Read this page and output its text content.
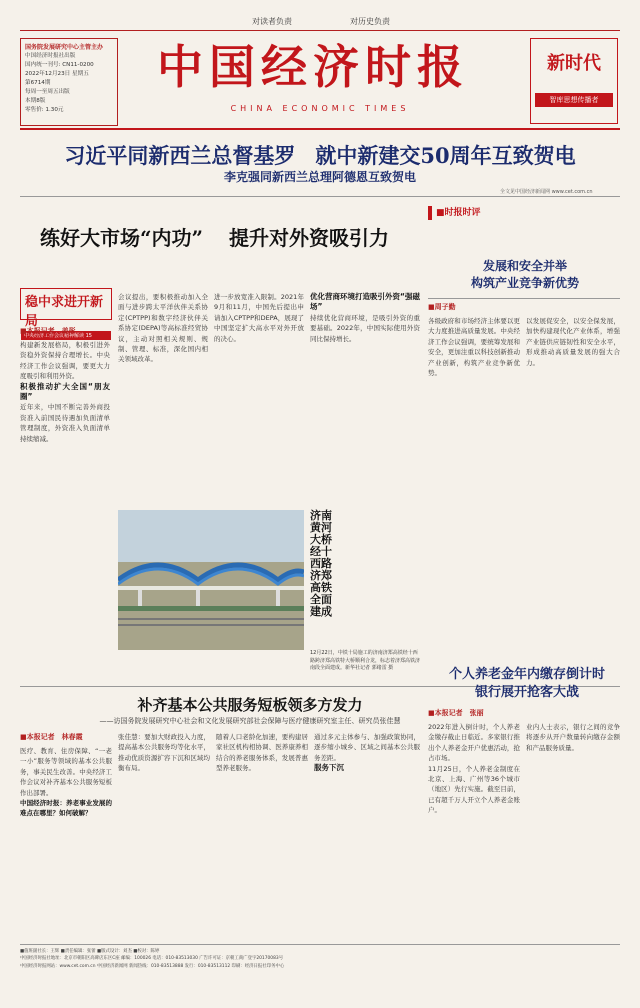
对读者负责	对历史负责
国务院发展研究中心主管主办
中国经济时报社出版
国内统一刊号: CN11-0200
2022年12月23日 星期五
第6714期
每周一至周五出版
本期8版
零售价: 1.30元
中国经济时报
CHINA ECONOMIC TIMES
新时代
智库思想传播者
习近平同新西兰总督基罗 就中新建交50周年互致贺电
李克强同新西兰总理阿德恩互致贺电
全文见中国经济新闻网 www.cet.com.cn
练好大市场“内功” 提升对外资吸引力
稳中求进开新局
中央经济工作会议精神解读 15
■本报记者　姜彤
构建新发展格局，积极引进外资稳外资保持合理增长。中央经济工作会议强调，要更大力度吸引和利用外资。
积极推动扩大全国“朋友圈”
近年来，中国不断完善外商投资准入前国民待遇加负面清单管理制度，外资准入负面清单持续缩减。
会议提出，要积极推动加入全面与进步跨太平洋伙伴关系协定(CPTPP)和数字经济伙伴关系协定(DEPA)等高标准经贸协议，主动对照相关规则、规制、管理、标准，深化国内相关领域改革。
进一步放宽准入限制。2021年9月和11月，中国先后提出申请加入CPTPP和DEPA，展现了中国坚定扩大高水平对外开放的决心。
优化营商环境打造吸引外资“强磁场”
持续优化营商环境，是吸引外资的重要基础。2022年，中国实际使用外资同比保持增长。
■时报时评
发展和安全并举
构筑产业竞争新优势
■周子勤
各级政府和市场经济主体要以更大力度推进高质量发展。中央经济工作会议强调，要统筹发展和安全，更加注重以科技创新推动产业创新，构筑产业竞争新优势。
以发展促安全，以安全保发展，加快构建现代化产业体系，增强产业链供应链韧性和安全水平，形成推动高质量发展的强大合力。
济南黄河大桥经十西路济郑高铁全面建成
12月22日，中铁十局施工的济南济郑高铁经十西路跨济郑高铁特大桥顺利合龙，标志着济郑高铁济南段全面建成。新华社记者 郭绪雷 摄
补齐基本公共服务短板领多方发力
——访国务院发展研究中心社会和文化发展研究部社会保障与医疗健康研究室主任、研究员张佳慧
■本报记者　林春霞
医疗、教育、住房保障、“一老一小”服务等领域的基本公共服务，事关民生改善。中央经济工作会议对补齐基本公共服务短板作出部署。
中国经济时报：养老事业发展的难点在哪里？如何破解？
张佳慧：要加大财政投入力度，提高基本公共服务均等化水平，推动优质资源扩容下沉和区域均衡布局。
随着人口老龄化加速，要构建居家社区机构相协调、医养康养相结合的养老服务体系，发展普惠型养老服务。
通过多元主体参与、加强政策协同，逐步缩小城乡、区域之间基本公共服务差距。
服务下沉
个人养老金年内缴存倒计时
银行展开抢客大战
■本报记者　张丽
2022年进入倒计时，个人养老金缴存截止日临近。多家银行推出个人养老金开户优惠活动，抢占市场。
11月25日，个人养老金制度在北京、上海、广州等36个城市（地区）先行实施。截至目前，已有超千万人开立个人养老金账户。
业内人士表示，银行之间的竞争将逐步从开户数量转向缴存金额和产品服务质量。
■值班副社长：王辉 ■责任编辑：张蕾 ■版式设计：刘杰 ■校对：陈婷
中国经济时报社地址：北京市朝阳区高碑店东区C座 邮编：100026 电话：010-83513030 广告许可证：京朝工商广登字20170083号
中国经济时报网站：www.cet.com.cn 中国经济新闻网 新闻热线：010-83513888 发行：010-83513112 印刷：经济日报社印务中心
